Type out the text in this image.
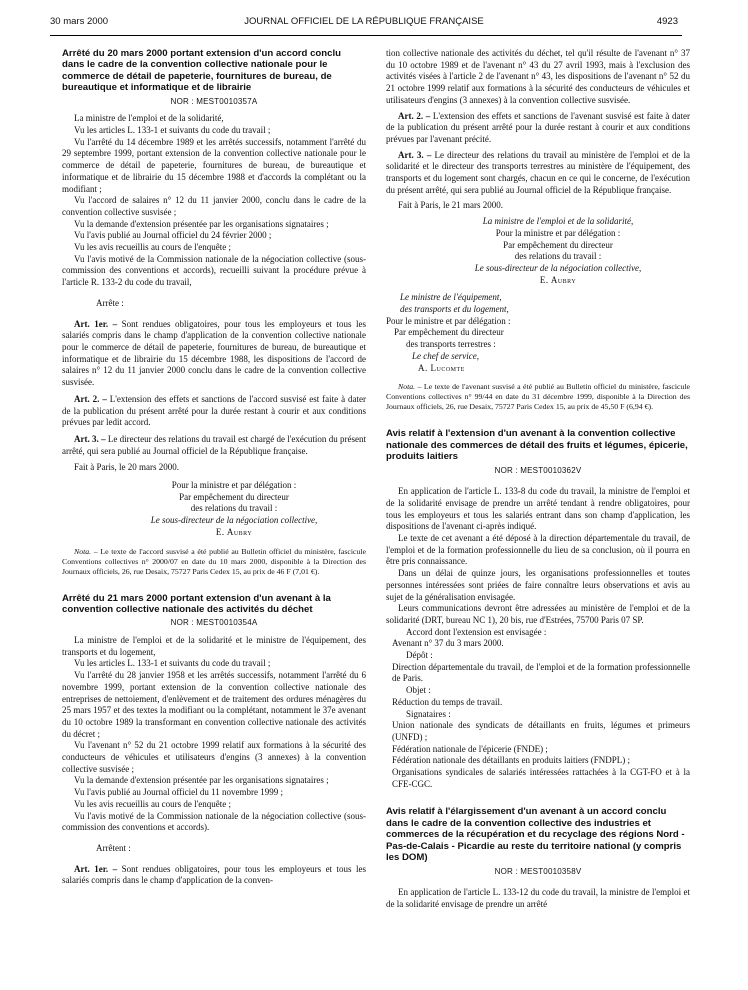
30 mars 2000	JOURNAL OFFICIEL DE LA RÉPUBLIQUE FRANÇAISE	4923
Arrêté du 20 mars 2000 portant extension d'un accord conclu dans le cadre de la convention collective nationale pour le commerce de détail de papeterie, fournitures de bureau, de bureautique et informatique et de librairie
NOR : MEST0010357A

La ministre de l'emploi et de la solidarité,

Vu les articles L. 133-1 et suivants du code du travail ;

Vu l'arrêté du 14 décembre 1989 et les arrêtés successifs, notamment l'arrêté du 29 septembre 1999, portant extension de la convention collective nationale pour le commerce de détail de papeterie, fournitures de bureau, de bureautique et informatique et de librairie du 15 décembre 1988 et d'accords la complétant ou la modifiant ;

Vu l'accord de salaires n° 12 du 11 janvier 2000, conclu dans le cadre de la convention collective susvisée ;

Vu la demande d'extension présentée par les organisations signataires ;

Vu l'avis publié au Journal officiel du 24 février 2000 ;

Vu les avis recueillis au cours de l'enquête ;

Vu l'avis motivé de la Commission nationale de la négociation collective (sous-commission des conventions et accords), recueilli suivant la procédure prévue à l'article R. 133-2 du code du travail,

Arrête :

Art. 1er. – Sont rendues obligatoires, pour tous les employeurs et tous les salariés compris dans le champ d'application de la convention collective nationale pour le commerce de détail de papeterie, fournitures de bureau, de bureautique et informatique et de librairie du 15 décembre 1988, les dispositions de l'accord de salaires n° 12 du 11 janvier 2000 conclu dans le cadre de la convention collective susvisée.

Art. 2. – L'extension des effets et sanctions de l'accord susvisé est faite à dater de la publication du présent arrêté pour la durée restant à courir et aux conditions prévues par ledit accord.

Art. 3. – Le directeur des relations du travail est chargé de l'exécution du présent arrêté, qui sera publié au Journal officiel de la République française.

Fait à Paris, le 20 mars 2000.

Pour la ministre et par délégation :
Par empêchement du directeur
des relations du travail :
Le sous-directeur de la négociation collective,
E. Aubry

Nota. – Le texte de l'accord susvisé a été publié au Bulletin officiel du ministère, fascicule Conventions collectives n° 2000/07 en date du 10 mars 2000, disponible à la Direction des Journaux officiels, 26, rue Desaix, 75727 Paris Cedex 15, au prix de 46 F (7,01 €).

Arrêté du 21 mars 2000 portant extension d'un avenant à la convention collective nationale des activités du déchet
NOR : MEST0010354A

La ministre de l'emploi et de la solidarité et le ministre de l'équipement, des transports et du logement,

Vu les articles L. 133-1 et suivants du code du travail ;

Vu l'arrêté du 28 janvier 1958 et les arrêtés successifs, notamment l'arrêté du 6 novembre 1999, portant extension de la convention collective nationale des entreprises de nettoiement, d'enlèvement et de traitement des ordures ménagères du 25 mars 1957 et des textes la modifiant ou la complétant, notamment le 37e avenant du 10 octobre 1989 la transformant en convention collective nationale des activités du décret ;

Vu l'avenant n° 52 du 21 octobre 1999 relatif aux formations à la sécurité des conducteurs de véhicules et utilisateurs d'engins (3 annexes) à la convention collective susvisée ;

Vu la demande d'extension présentée par les organisations signataires ;

Vu l'avis publié au Journal officiel du 11 novembre 1999 ;

Vu les avis recueillis au cours de l'enquête ;

Vu l'avis motivé de la Commission nationale de la négociation collective (sous-commission des conventions et accords).

Arrêtent :

Art. 1er. – Sont rendues obligatoires, pour tous les employeurs et tous les salariés compris dans le champ d'application de la conven-

tion collective nationale des activités du déchet, tel qu'il résulte de l'avenant n° 37 du 10 octobre 1989 et de l'avenant n° 43 du 27 avril 1993, mais à l'exclusion des activités visées à l'article 2 de l'avenant n° 43, les dispositions de l'avenant n° 52 du 21 octobre 1999 relatif aux formations à la sécurité des conducteurs de véhicules et utilisateurs d'engins (3 annexes) à la convention collective susvisée.

Art. 2. – L'extension des effets et sanctions de l'avenant susvisé est faite à dater de la publication du présent arrêté pour la durée restant à courir et aux conditions prévues par l'avenant précité.

Art. 3. – Le directeur des relations du travail au ministère de l'emploi et de la solidarité et le directeur des transports terrestres au ministère de l'équipement, des transports et du logement sont chargés, chacun en ce qui le concerne, de l'exécution du présent arrêté, qui sera publié au Journal officiel de la République française.

Fait à Paris, le 21 mars 2000.

La ministre de l'emploi et de la solidarité,
Pour la ministre et par délégation :
Par empêchement du directeur
des relations du travail :
Le sous-directeur de la négociation collective,
E. Aubry
Le ministre de l'équipement,
des transports et du logement,
Pour le ministre et par délégation :
Par empêchement du directeur
des transports terrestres :
Le chef de service,
A. Lucomte

Nota. – Le texte de l'avenant susvisé a été publié au Bulletin officiel du ministère, fascicule Conventions collectives n° 99/44 en date du 31 décembre 1999, disponible à la Direction des Journaux officiels, 26, rue Desaix, 75727 Paris Cedex 15, au prix de 45,50 F (6,94 €).

Avis relatif à l'extension d'un avenant à la convention collective nationale des commerces de détail des fruits et légumes, épicerie, produits laitiers
NOR : MEST0010362V

En application de l'article L. 133-8 du code du travail, la ministre de l'emploi et de la solidarité envisage de prendre un arrêté tendant à rendre obligatoires, pour tous les employeurs et tous les salariés entrant dans son champ d'application, les dispositions de l'avenant ci-après indiqué.

Le texte de cet avenant a été déposé à la direction départementale du travail, de l'emploi et de la formation professionnelle du lieu de sa conclusion, où il pourra en être pris connaissance.

Dans un délai de quinze jours, les organisations professionnelles et toutes personnes intéressées sont priées de faire connaître leurs observations et avis au sujet de la généralisation envisagée.

Leurs communications devront être adressées au ministère de l'emploi et de la solidarité (DRT, bureau NC 1), 20 bis, rue d'Estrées, 75700 Paris 07 SP.

Accord dont l'extension est envisagée :

Avenant n° 37 du 3 mars 2000.

Dépôt :

Direction départementale du travail, de l'emploi et de la formation professionnelle de Paris.

Objet :

Réduction du temps de travail.

Signataires :

Union nationale des syndicats de détaillants en fruits, légumes et primeurs (UNFD) ;

Fédération nationale de l'épicerie (FNDE) ;

Fédération nationale des détaillants en produits laitiers (FNDPL) ;

Organisations syndicales de salariés intéressées rattachées à la CGT-FO et à la CFE-CGC.

Avis relatif à l'élargissement d'un avenant à un accord conclu dans le cadre de la convention collective des industries et commerces de la récupération et du recyclage des régions Nord - Pas-de-Calais - Picardie au reste du territoire national (y compris les DOM)
NOR : MEST0010358V

En application de l'article L. 133-12 du code du travail, la ministre de l'emploi et de la solidarité envisage de prendre un arrêté
